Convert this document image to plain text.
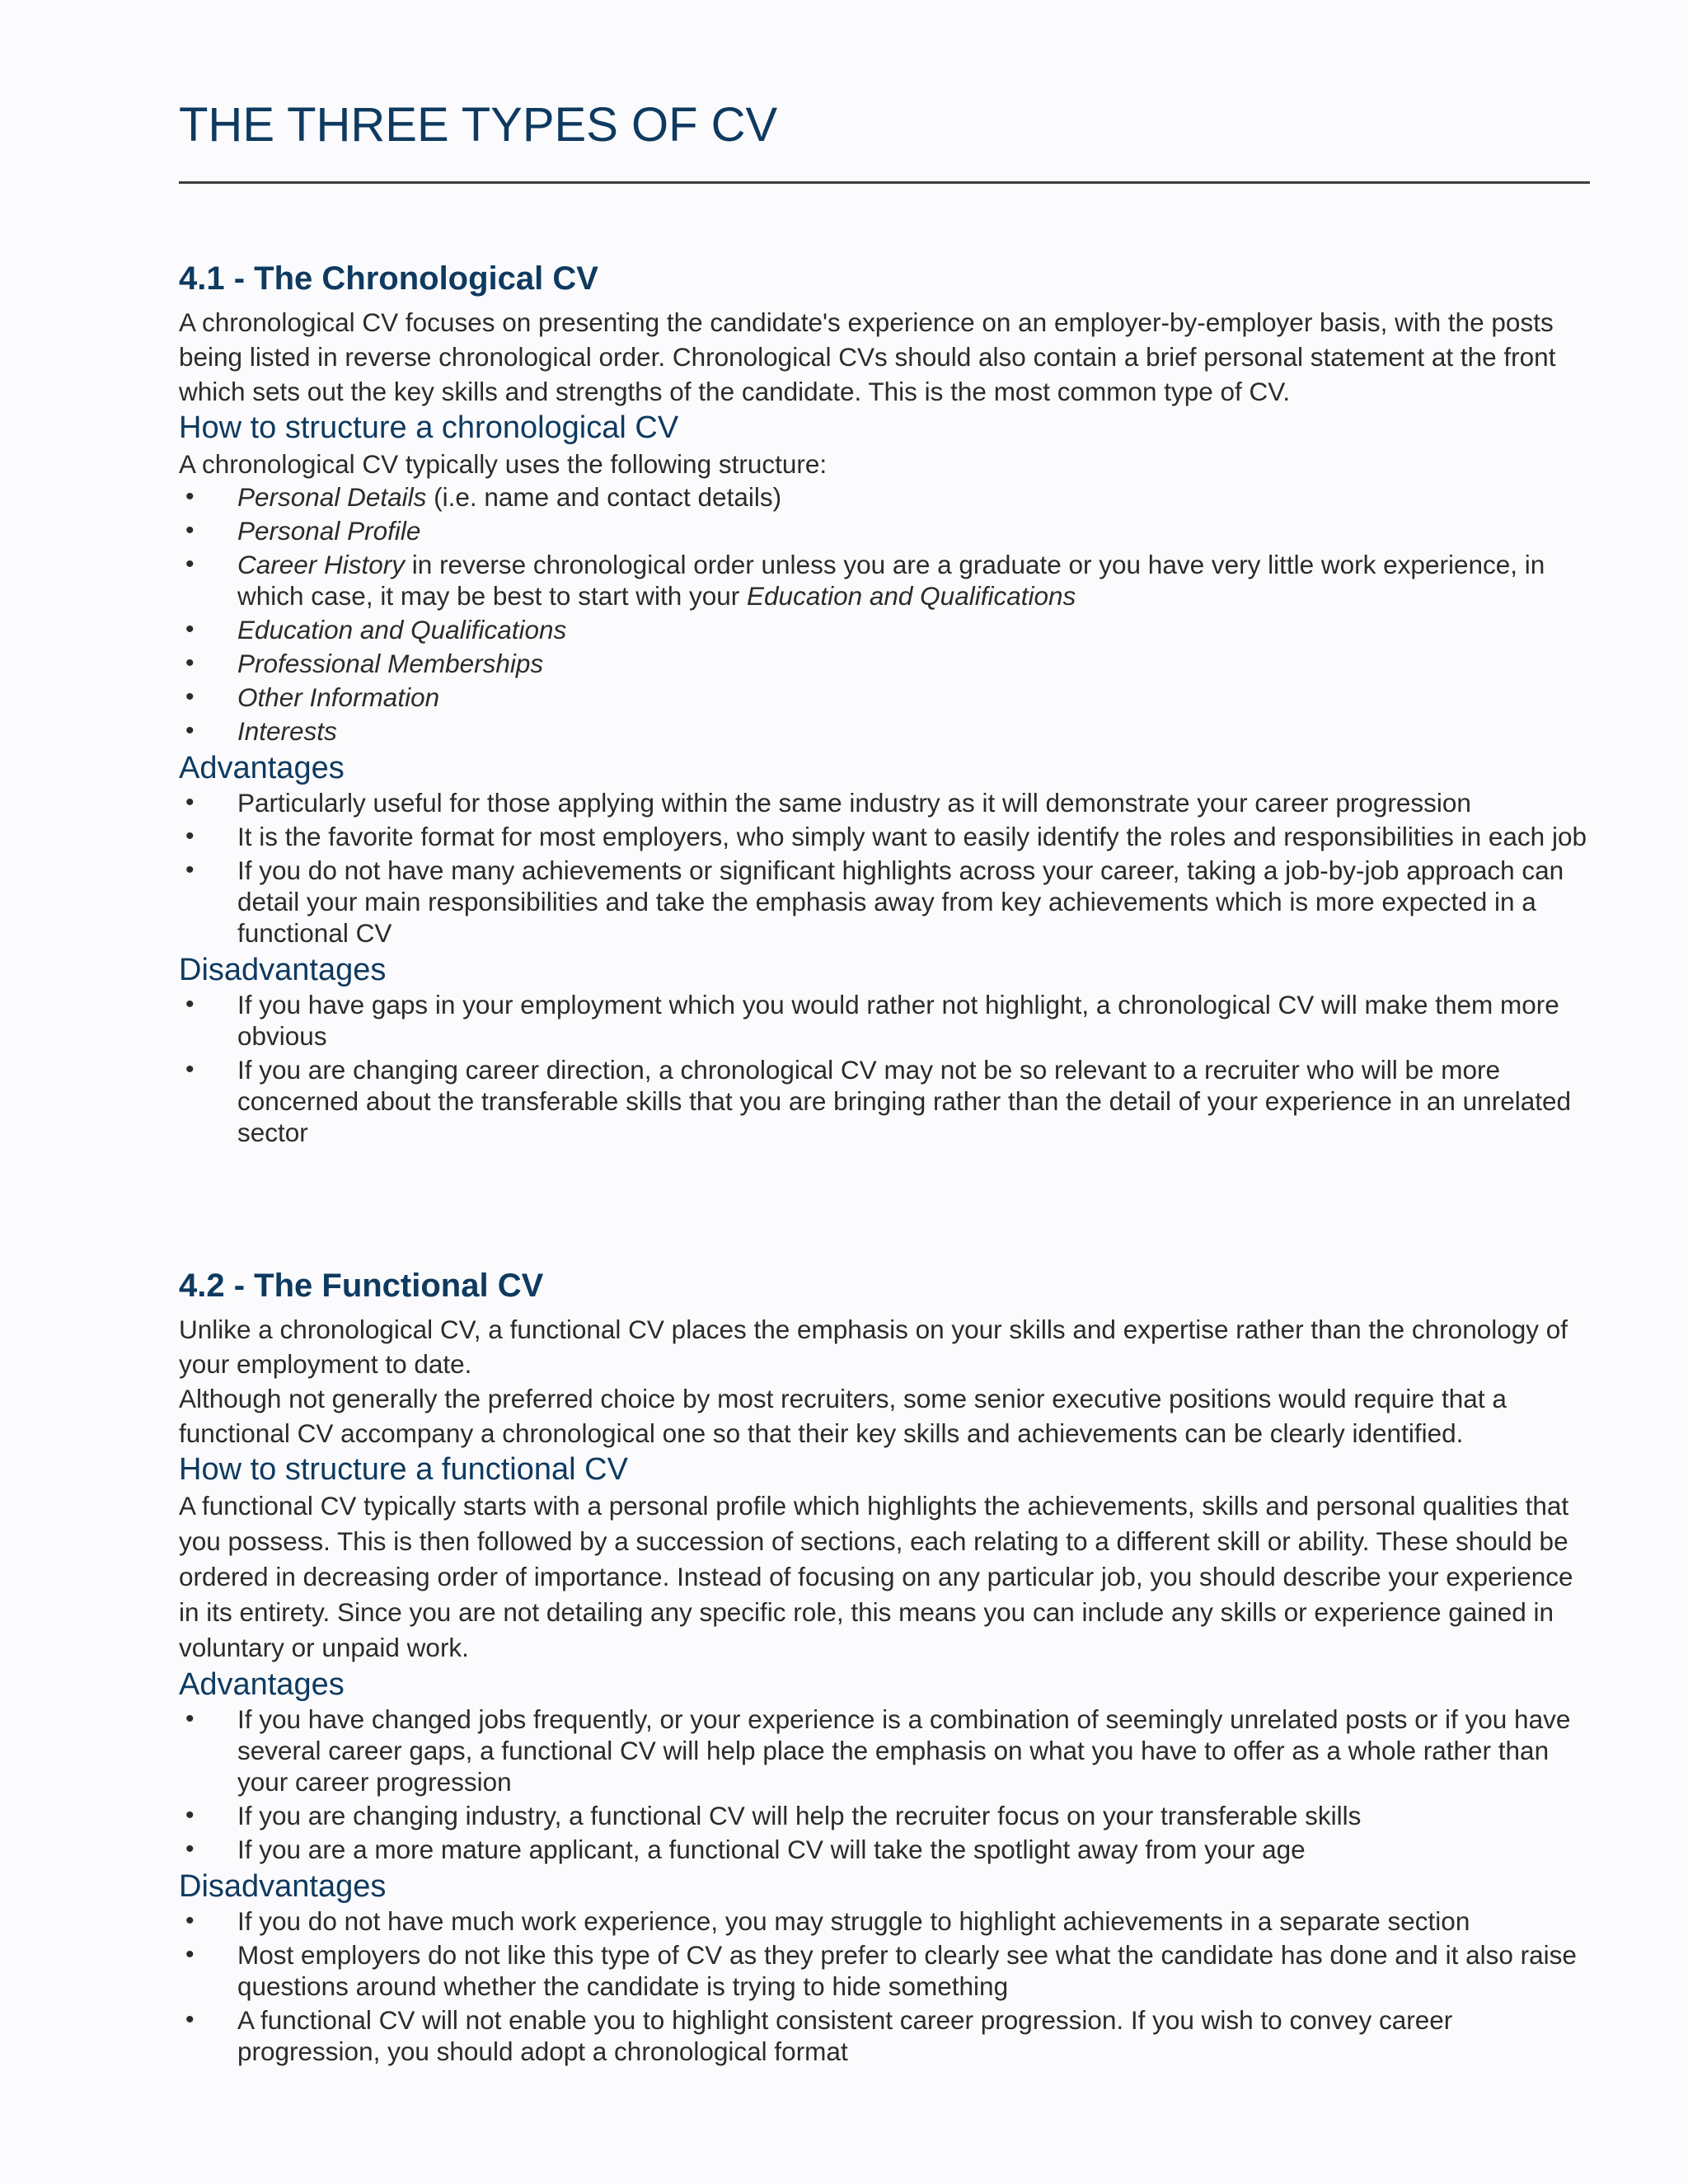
THE THREE TYPES OF CV
4.1 - The Chronological CV

A chronological CV focuses on presenting the candidate's experience on an employer-by-employer basis, with the posts being listed in reverse chronological order. Chronological CVs should also contain a brief personal statement at the front which sets out the key skills and strengths of the candidate. This is the most common type of CV.

How to structure a chronological CV

A chronological CV typically uses the following structure:

• Personal Details (i.e. name and contact details)
• Personal Profile
• Career History in reverse chronological order unless you are a graduate or you have very little work experience, in which case, it may be best to start with your Education and Qualifications
• Education and Qualifications
• Professional Memberships
• Other Information
• Interests
Advantages
• Particularly useful for those applying within the same industry as it will demonstrate your career progression
• It is the favorite format for most employers, who simply want to easily identify the roles and responsibilities in each job
• If you do not have many achievements or significant highlights across your career, taking a job-by-job approach can detail your main responsibilities and take the emphasis away from key achievements which is more expected in a functional CV
Disadvantages
• If you have gaps in your employment which you would rather not highlight, a chronological CV will make them more obvious
• If you are changing career direction, a chronological CV may not be so relevant to a recruiter who will be more concerned about the transferable skills that you are bringing rather than the detail of your experience in an unrelated sector
4.2 - The Functional CV

Unlike a chronological CV, a functional CV places the emphasis on your skills and expertise rather than the chronology of your employment to date.

Although not generally the preferred choice by most recruiters, some senior executive positions would require that a functional CV accompany a chronological one so that their key skills and achievements can be clearly identified.

How to structure a functional CV

A functional CV typically starts with a personal profile which highlights the achievements, skills and personal qualities that you possess. This is then followed by a succession of sections, each relating to a different skill or ability. These should be ordered in decreasing order of importance. Instead of focusing on any particular job, you should describe your experience in its entirety. Since you are not detailing any specific role, this means you can include any skills or experience gained in voluntary or unpaid work.

Advantages
• If you have changed jobs frequently, or your experience is a combination of seemingly unrelated posts or if you have several career gaps, a functional CV will help place the emphasis on what you have to offer as a whole rather than your career progression
• If you are changing industry, a functional CV will help the recruiter focus on your transferable skills
• If you are a more mature applicant, a functional CV will take the spotlight away from your age
Disadvantages
• If you do not have much work experience, you may struggle to highlight achievements in a separate section
• Most employers do not like this type of CV as they prefer to clearly see what the candidate has done and it also raise questions around whether the candidate is trying to hide something
• A functional CV will not enable you to highlight consistent career progression. If you wish to convey career progression, you should adopt a chronological format
